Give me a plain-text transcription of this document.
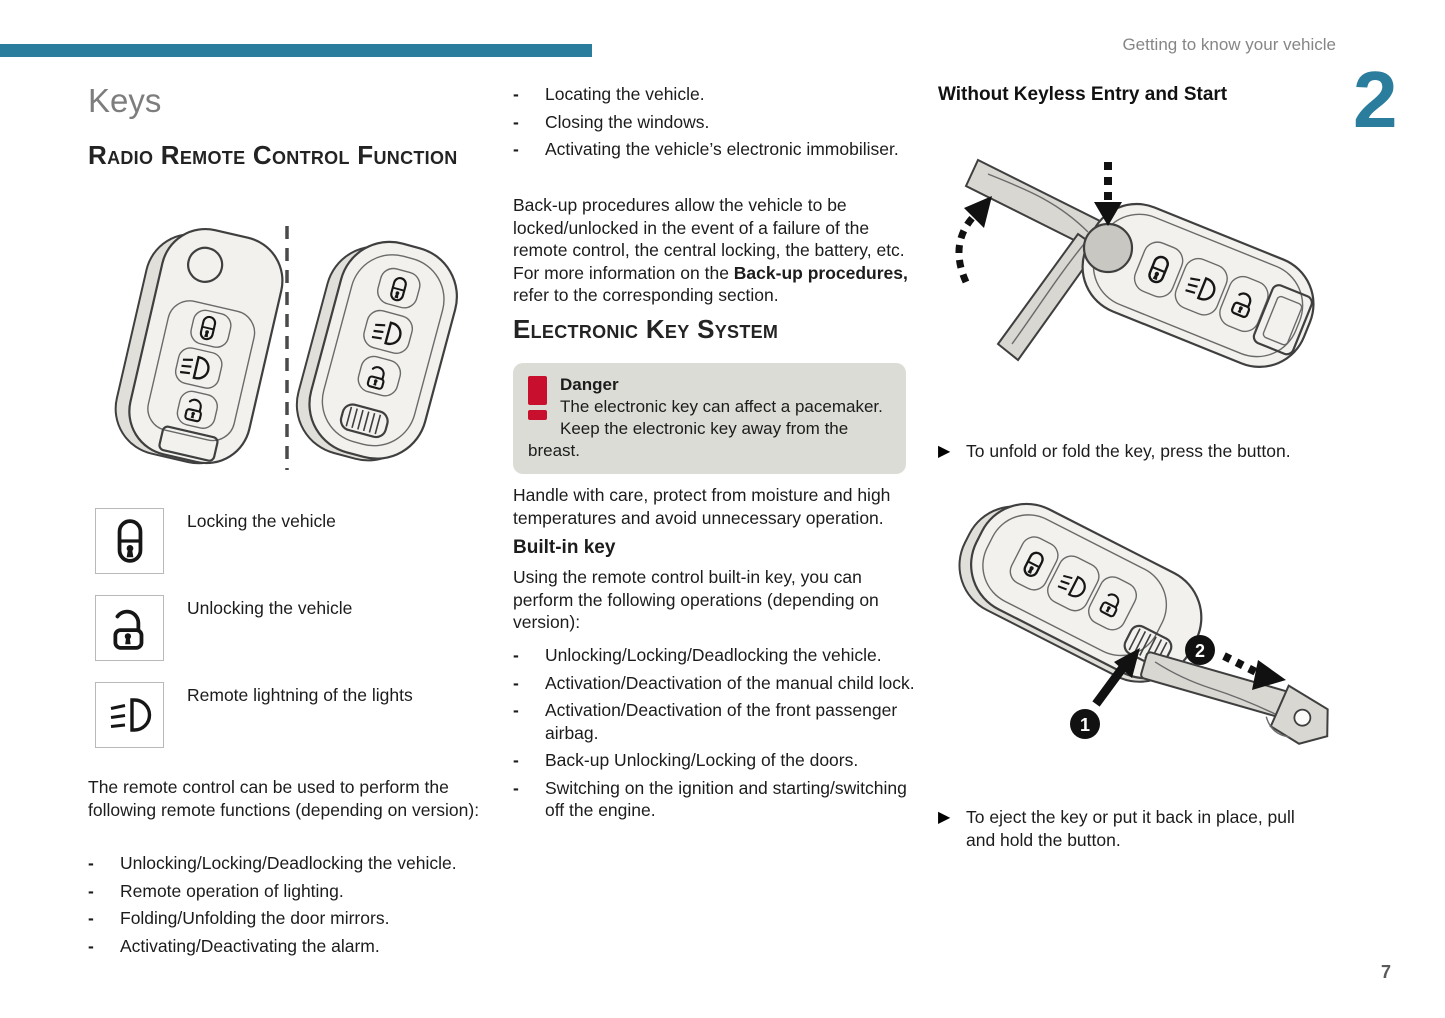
Getting to know your vehicle
2
7
Keys
Radio Remote Control Function
Locking the vehicle
Unlocking the vehicle
Remote lightning of the lights

The remote control can be used to perform the following remote functions (depending on version):

-
Unlocking/Locking/Deadlocking the vehicle.
-
Remote operation of lighting.
-
Folding/Unfolding the door mirrors.
-
Activating/Deactivating the alarm.
-
Locating the vehicle.
-
Closing the windows.
-
Activating the vehicle’s electronic immobiliser.

Back-up procedures allow the vehicle to be locked/unlocked in the event of a failure of the remote control, the central locking, the battery, etc. For more information on the Back-up procedures, refer to the corresponding section.

Electronic Key System
Danger
The electronic key can affect a pacemaker.
Keep the electronic key away from the breast.

Handle with care, protect from moisture and high temperatures and avoid unnecessary operation.

Built-in key

Using the remote control built-in key, you can perform the following operations (depending on version):

-
Unlocking/Locking/Deadlocking the vehicle.
-
Activation/Deactivation of the manual child lock.
-
Activation/Deactivation of the front passenger airbag.
-
Back-up Unlocking/Locking of the doors.
-
Switching on the ignition and starting/switching off the engine.
Without Keyless Entry and Start
▶ To unfold or fold the key, press the button.
1
2
▶ To eject the key or put it back in place, pull and hold the button.
